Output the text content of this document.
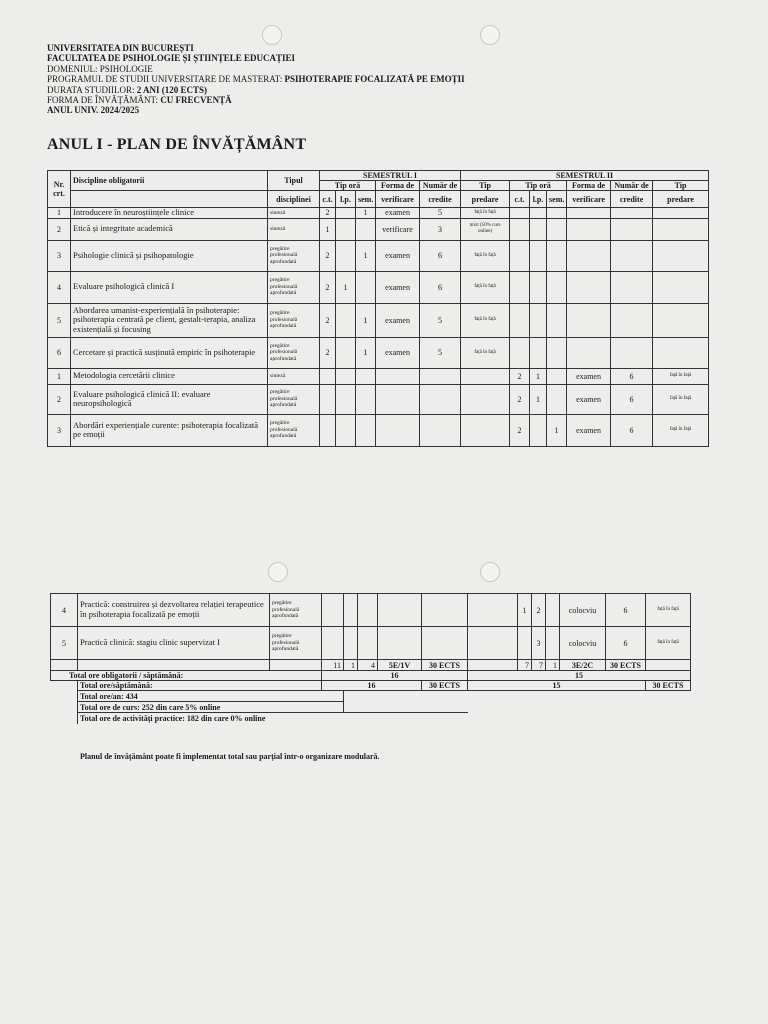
UNIVERSITATEA DIN BUCUREȘTI
FACULTATEA DE PSIHOLOGIE ȘI ȘTIINȚELE EDUCAȚIEI
DOMENIUL: PSIHOLOGIE
PROGRAMUL DE STUDII UNIVERSITARE DE MASTERAT: PSIHOTERAPIE FOCALIZATĂ PE EMOȚII
DURATA STUDIILOR: 2 ANI (120 ECTS)
FORMA DE ÎNVĂȚĂMÂNT: CU FRECVENȚĂ
ANUL UNIV. 2024/2025
ANUL I - PLAN DE ÎNVĂȚĂMÂNT
Nr.
crt.	Discipline obligatorii	Tipul	SEMESTRUL I					SEMESTRUL II						
			Tip oră			Forma de	Număr de	Tip	Tip oră			Forma de	Număr de	Tip
		disciplinei	c.t.	l.p.	sem.	verificare	credite	predare	c.t.	l.p.	sem.	verificare	credite	predare
1	Introducere în neuroștiințele clinice	sinteză	2		1	examen	5	față în față						
2	Etică și integritate academică	sinteză	1			verificare	3	mixt (50% curs online)						
3	Psihologie clinică și psihopatologie	pregătire profesională aprofundată	2		1	examen	6	față în față						
4	Evaluare psihologică clinică I	pregătire profesională aprofundată	2	1		examen	6	față în față						
5	Abordarea umanist-experiențială în psihoterapie: psihoterapia centrată pe client, gestalt-terapia, analiza existențială și focusing	pregătire profesională aprofundată	2		1	examen	5	față în față						
6	Cercetare și practică susținută empiric în psihoterapie	pregătire profesională aprofundată	2		1	examen	5	față în față						
1	Metodologia cercetării clinice	sinteză							2	1		examen	6	față în față
2	Evaluare psihologică clinică II: evaluare neuropsihologică	pregătire profesională aprofundată							2	1		examen	6	față în față
3	Abordări experiențiale curente: psihoterapia focalizată pe emoții	pregătire profesională aprofundată							2		1	examen	6	față în față
4	Practică: construirea și dezvoltarea relației terapeutice în psihoterapia focalizată pe emoții	pregătire profesională aprofundată							1	2		colocviu	6	față în față
5	Practică clinică: stagiu clinic supervizat I	pregătire profesională aprofundată								3		colocviu	6	față în față
			11	1	4	5E/1V	30 ECTS		7	7	1	3E/2C	30 ECTS	
Total ore obligatorii / săptămână:			16					15						
	Total ore/săptămână:		16				30 ECTS	15						30 ECTS
	Total ore/an: 434													
	Total ore de curs: 252 din care 5% online													
	Total ore de activități practice: 182 din care 0% online													
Planul de învățământ poate fi implementat total sau parțial într-o organizare modulară.
